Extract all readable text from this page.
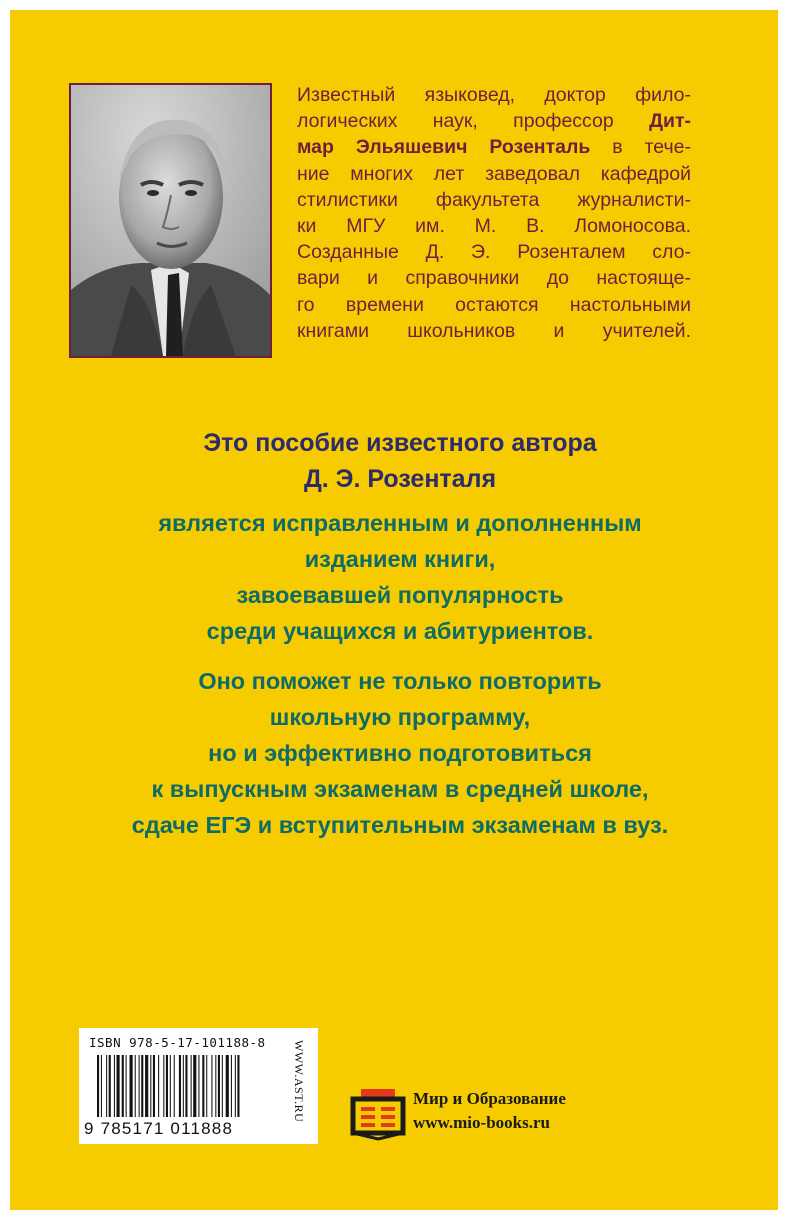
Известный языковед, доктор фило-
логических наук, профессор Дит-
мар Эльяшевич Розенталь в тече-
ние многих лет заведовал кафедрой
стилистики факультета журналисти-
ки МГУ им. М. В. Ломоносова.
Созданные Д. Э. Розенталем сло-
вари и справочники до настояще-
го времени остаются настольными
книгами школьников и учителей.
Это пособие известного автора
Д. Э. Розенталя
является исправленным и дополненным
изданием книги,
завоевавшей популярность
среди учащихся и абитуриентов.
Оно поможет не только повторить
школьную программу,
но и эффективно подготовиться
к выпускным экзаменам в средней школе,
сдаче ЕГЭ и вступительным экзаменам в вуз.
ISBN 978-5-17-101188-8
9 785171 011888
WWW.AST.RU	Мир и Образование
www.mio-books.ru
